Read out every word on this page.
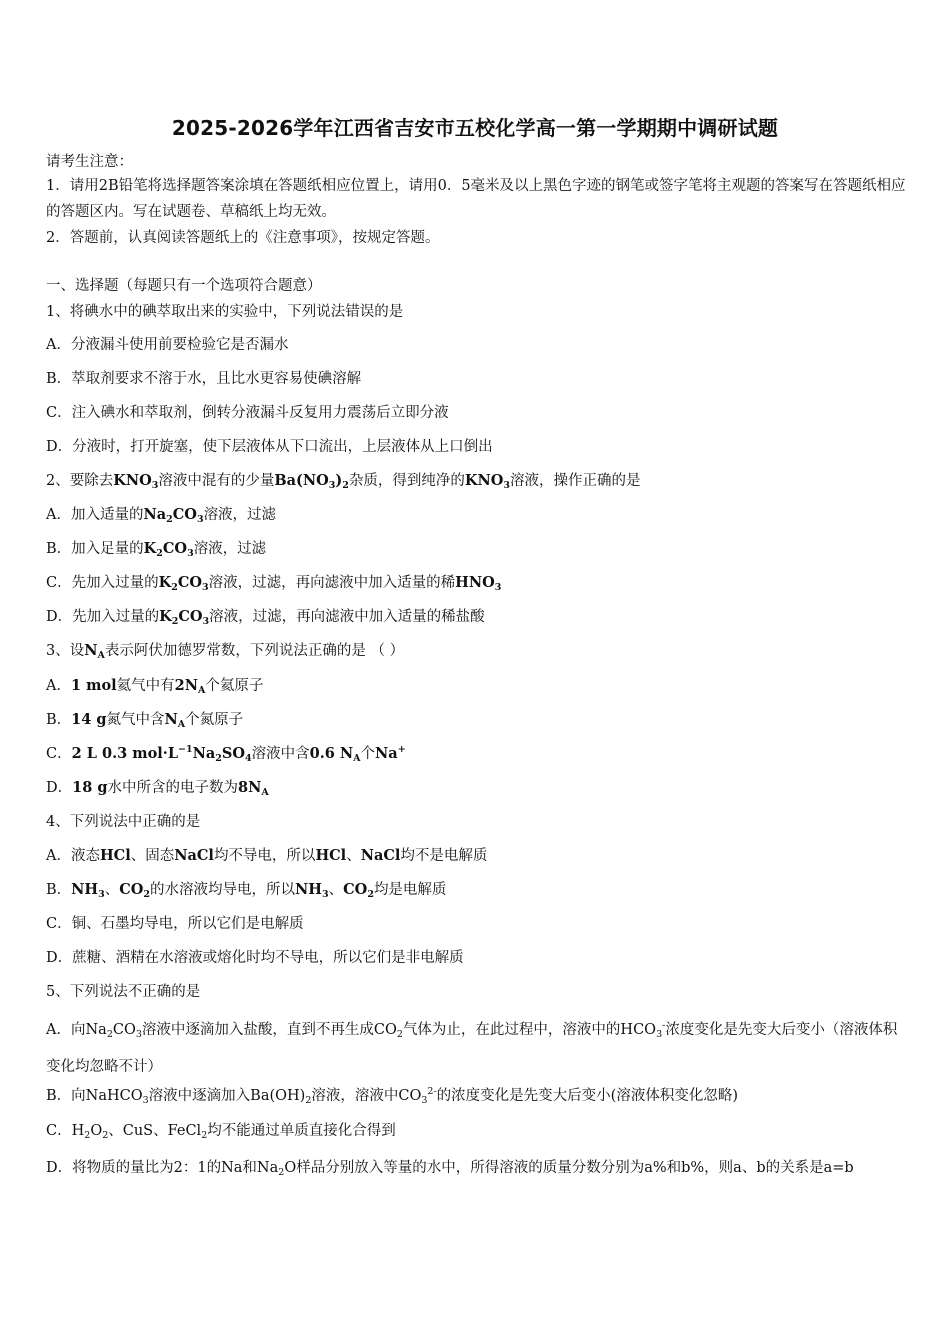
2025-2026学年江西省吉安市五校化学高一第一学期期中调研试题
请考生注意：
1．请用2B铅笔将选择题答案涂填在答题纸相应位置上，请用0．5毫米及以上黑色字迹的钢笔或签字笔将主观题的答案写在答题纸相应的答题区内。写在试题卷、草稿纸上均无效。
2．答题前，认真阅读答题纸上的《注意事项》，按规定答题。
一、选择题（每题只有一个选项符合题意）
1、将碘水中的碘萃取出来的实验中，下列说法错误的是
A．分液漏斗使用前要检验它是否漏水
B．萃取剂要求不溶于水，且比水更容易使碘溶解
C．注入碘水和萃取剂，倒转分液漏斗反复用力震荡后立即分液
D．分液时，打开旋塞，使下层液体从下口流出，上层液体从上口倒出
2、要除去$KNO_3$溶液中混有的少量$Ba(NO_3)_2$杂质，得到纯净的$KNO_3$溶液，操作正确的是
A．加入适量的$Na_2CO_3$溶液，过滤
B．加入足量的$K_2CO_3$溶液，过滤
C．先加入过量的$K_2CO_3$溶液，过滤，再向滤液中加入适量的稀$HNO_3$
D．先加入过量的$K_2CO_3$溶液，过滤，再向滤液中加入适量的稀盐酸
3、设$N_A$表示阿伏加德罗常数，下列说法正确的是 （ ）
A．1 mol氦气中有$2N_A$个氦原子
B．14 g氮气中含$N_A$个氮原子
C．2 L 0.3 $mol\cdot L^{-1}Na_2SO_4$溶液中含0.6 $N_A$个Na+
D．18 g水中所含的电子数为$8N_A$
4、下列说法中正确的是
A．液态HCl、固态NaCl均不导电，所以HCl、NaCl均不是电解质
B．$NH_3$、$CO_2$的水溶液均导电，所以$NH_3$、$CO_2$均是电解质
C．铜、石墨均导电，所以它们是电解质
D．蔗糖、酒精在水溶液或熔化时均不导电，所以它们是非电解质
5、下列说法不正确的是
A．向$Na_2CO_3$溶液中逐滴加入盐酸，直到不再生成$CO_2$气体为止，在此过程中，溶液中的$HCO_3^-$浓度变化是先变大后变小（溶液体积变化均忽略不计）
B．向NaHCO$_3$溶液中逐滴加入$Ba(OH)_2$溶液，溶液中$CO_3^{2-}$的浓度变化是先变大后变小(溶液体积变化忽略)
C．$H_2O_2$、CuS、FeCl$_2$均不能通过单质直接化合得到
D．将物质的量比为2：1的Na和$Na_2O$样品分别放入等量的水中，所得溶液的质量分数分别为a%和b%，则a、b的关系是a=b
